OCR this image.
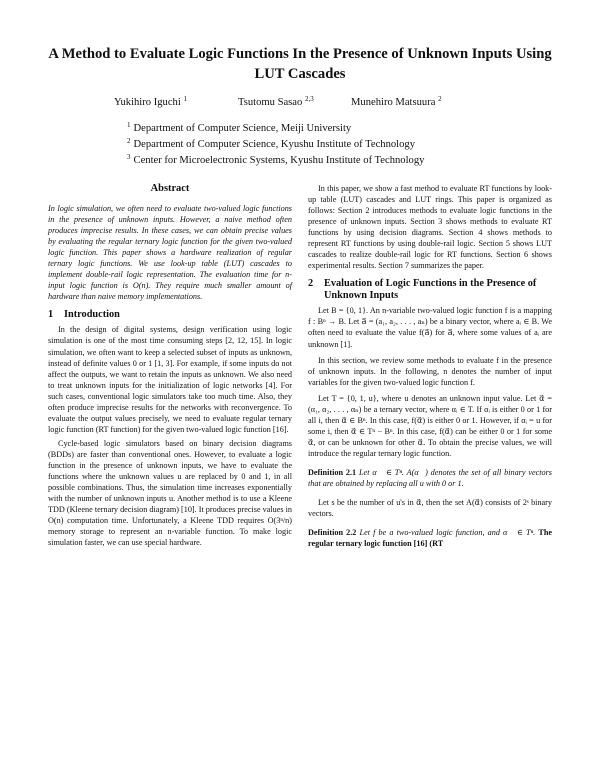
A Method to Evaluate Logic Functions In the Presence of Unknown Inputs Using LUT Cascades
Yukihiro Iguchi $^1$	Tsutomu Sasao $^{2,3}$	Munehiro Matsuura $^2$
$^1$ Department of Computer Science, Meiji University
$^2$ Department of Computer Science, Kyushu Institute of Technology
$^3$ Center for Microelectronic Systems, Kyushu Institute of Technology
Abstract

In logic simulation, we often need to evaluate two-valued logic functions in the presence of unknown inputs. However, a naive method often produces imprecise results. In these cases, we can obtain precise values by evaluating the regular ternary logic function for the given two-valued logic function. This paper shows a hardware realization of regular ternary logic functions. We use look-up table (LUT) cascades to implement double-rail logic representation. The evaluation time for n-input logic function is O(n). They require much smaller amount of hardware than naive memory implementations.

1	Introduction

In the design of digital systems, design verification using logic simulation is one of the most time consuming steps [2, 12, 15]. In logic simulation, we often want to keep a selected subset of inputs as unknown, instead of definite values 0 or 1 [1, 3]. For example, if some inputs do not affect the outputs, we want to retain the inputs as unknown. We also need to treat unknown inputs for the initialization of logic networks [4]. For such cases, conventional logic simulators take too much time. Also, they often produce imprecise results for the networks with reconvergence. To evaluate the output values precisely, we need to evaluate regular ternary logic function (RT function) for the given two-valued logic function [16].

Cycle-based logic simulators based on binary decision diagrams (BDDs) are faster than conventional ones. However, to evaluate a logic function in the presence of unknown inputs, we have to evaluate the functions where the unknown values u are replaced by 0 and 1, in all possible combinations. Thus, the simulation time increases exponentially with the number of unknown inputs u. Another method is to use a Kleene TDD (Kleene ternary decision diagram) [10]. It produces precise values in O(n) computation time. Unfortunately, a Kleene TDD requires O(3ⁿ/n) memory storage to represent an n-variable function. To make logic simulation faster, we can use special hardware.

In this paper, we show a fast method to evaluate RT functions by look-up table (LUT) cascades and LUT rings. This paper is organized as follows: Section 2 introduces methods to evaluate logic functions in the presence of unknown inputs. Section 3 shows methods to evaluate RT functions by using decision diagrams. Section 4 shows methods to represent RT functions by using double-rail logic. Section 5 shows LUT cascades to realize double-rail logic for RT functions. Section 6 shows experimental results. Section 7 summarizes the paper.

2	Evaluation of Logic Functions in the Presence of Unknown Inputs

Let B = {0, 1}. An n-variable two-valued logic function f is a mapping f : Bⁿ → B. Let a⃗ = (a₁, a₂, . . . , aₙ) be a binary vector, where aᵢ ∈ B. We often need to evaluate the value f(a⃗) for a⃗, where some values of aᵢ are unknown [1].

In this section, we review some methods to evaluate f in the presence of unknown inputs. In the following, n denotes the number of input variables for the given two-valued logic function f.

Let T = {0, 1, u}, where u denotes an unknown input value. Let α⃗ = (α₁, α₂, . . . , αₙ) be a ternary vector, where αᵢ ∈ T. If αᵢ is either 0 or 1 for all i, then α⃗ ∈ Bⁿ. In this case, f(α⃗) is either 0 or 1. However, if αᵢ = u for some i, then α⃗ ∈ Tⁿ − Bⁿ. In this case, f(α⃗) can be either 0 or 1 for some α⃗, or can be unknown for other α⃗. To obtain the precise values, we will introduce the regular ternary logic function.

Definition 2.1 Let α⃗ ∈ Tⁿ. A(α⃗) denotes the set of all binary vectors that are obtained by replacing all u with 0 or 1.

Let s be the number of u's in α⃗, then the set A(α⃗) consists of 2ˢ binary vectors.

Definition 2.2 Let f be a two-valued logic function, and α⃗ ∈ Tⁿ. The regular ternary logic function [16] (RT
